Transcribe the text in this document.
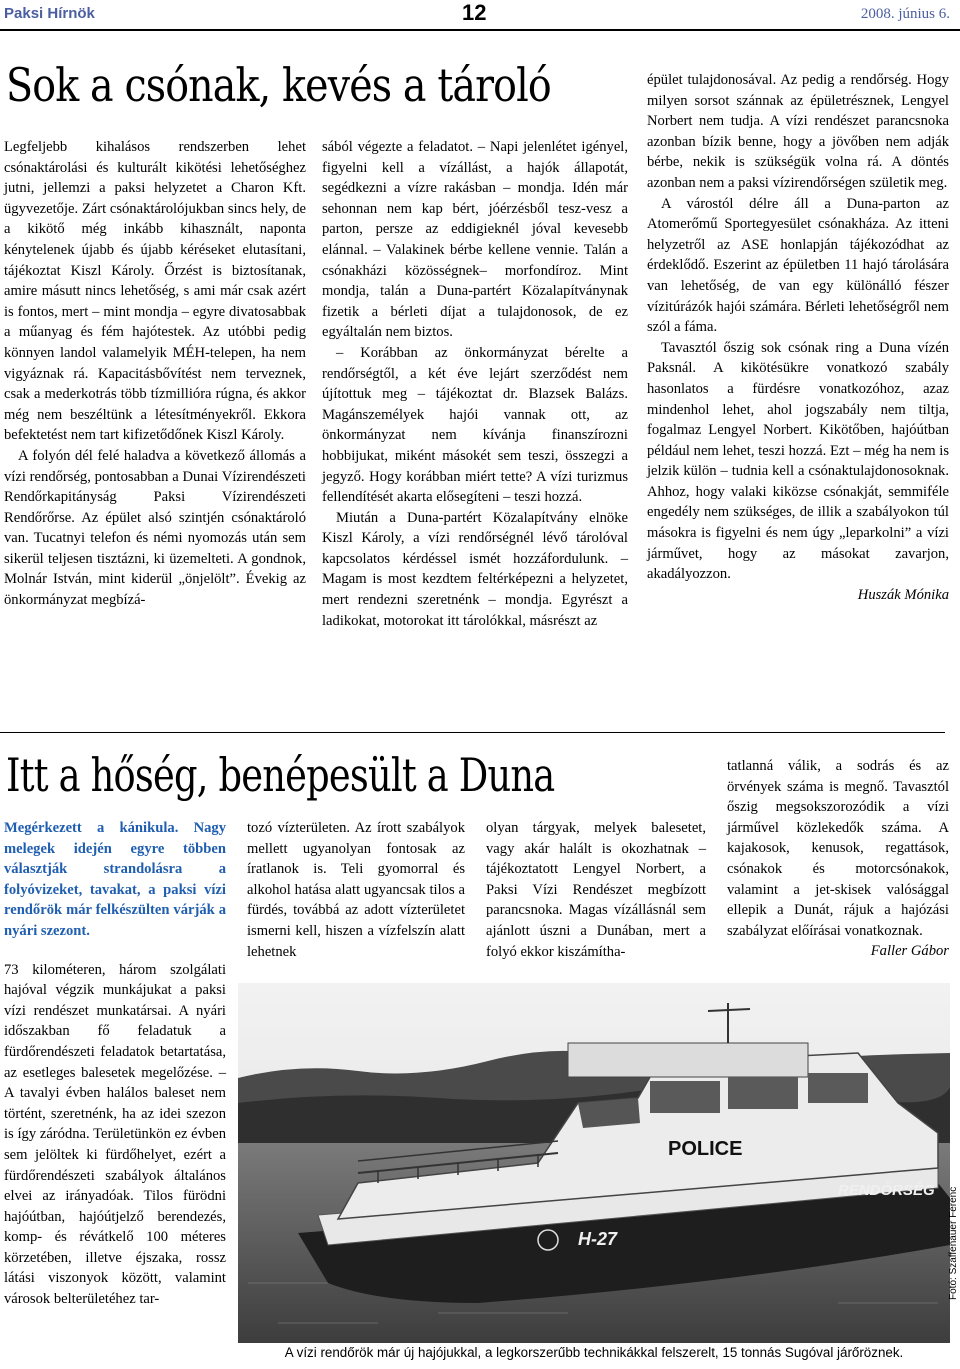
Paksi Hírnök	12	2008. június 6.
Sok a csónak, kevés a tároló

Legfeljebb kihalásos rendszerben lehet csónaktárolási és kulturált kikötési lehetőséghez jutni, jellemzi a paksi helyzetet a Charon Kft. ügyvezetője. Zárt csónaktárolójukban sincs hely, de a kikötő még inkább kihasznált, naponta kénytelenek újabb és újabb kéréseket elutasítani, tájékoztat Kiszl Károly. Őrzést is biztosítanak, amire másutt nincs lehetőség, s ami már csak azért is fontos, mert – mint mondja – egyre divatosabbak a műanyag és fém hajótestek. Az utóbbi pedig könnyen landol valamelyik MÉH-telepen, ha nem vigyáznak rá. Kapacitásbővítést nem terveznek, csak a mederkotrás több tízmillióra rúgna, és akkor még nem beszéltünk a létesítményekről. Ekkora befektetést nem tart kifizetődőnek Kiszl Károly.

A folyón dél felé haladva a következő állomás a vízi rendőrség, pontosabban a Dunai Vízirendészeti Rendőrkapitányság Paksi Vízirendészeti Rendőrőrse. Az épület alsó szintjén csónaktároló van. Tucatnyi telefon és némi nyomozás után sem sikerül teljesen tisztázni, ki üzemelteti. A gondnok, Molnár István, mint kiderül „önjelölt”. Évekig az önkormányzat megbízá-

sából végezte a feladatot. – Napi jelenlétet igényel, figyelni kell a vízállást, a hajók állapotát, segédkezni a vízre rakásban – mondja. Idén már sehonnan nem kap bért, jóérzésből tesz-vesz a parton, persze az eddigieknél jóval kevesebb elánnal. – Valakinek bérbe kellene vennie. Talán a csónakházi közösségnek– morfondíroz. Mint mondja, talán a Duna-partért Közalapítványnak fizetik a bérleti díjat a tulajdonosok, de ez egyáltalán nem biztos.

– Korábban az önkormányzat bérelte a rendőrségtől, a két éve lejárt szerződést nem újítottuk meg – tájékoztat dr. Blazsek Balázs. Magánszemélyek hajói vannak ott, az önkormányzat nem kívánja finanszírozni hobbijukat, miként másokét sem teszi, összegzi a jegyző. Hogy korábban miért tette? A vízi turizmus fellendítését akarta elősegíteni – teszi hozzá.

Miután a Duna-partért Közalapítvány elnöke Kiszl Károly, a vízi rendőrségnél lévő tárolóval kapcsolatos kérdéssel ismét hozzáfordulunk. – Magam is most kezdtem feltérképezni a helyzetet, mert rendezni szeretnénk – mondja. Egyrészt a ladikokat, motorokat itt tárolókkal, másrészt az

épület tulajdonosával. Az pedig a rendőrség. Hogy milyen sorsot szánnak az épületrésznek, Lengyel Norbert nem tudja. A vízi rendészet parancsnoka azonban bízik benne, hogy a jövőben nem adják bérbe, nekik is szükségük volna rá. A döntés azonban nem a paksi vízirendőrségen születik meg.

A várostól délre áll a Duna-parton az Atomerőmű Sportegyesület csónakháza. Az itteni helyzetről az ASE honlapján tájékozódhat az érdeklődő. Eszerint az épületben 11 hajó tárolására van lehetőség, de van egy különálló fészer vízitúrázók hajói számára. Bérleti lehetőségről nem szól a fáma.

Tavasztól őszig sok csónak ring a Duna vízén Paksnál. A kikötésükre vonatkozó szabály hasonlatos a fürdésre vonatkozóhoz, azaz mindenhol lehet, ahol jogszabály nem tiltja, fogalmaz Lengyel Norbert. Kikötőben, hajóútban például nem lehet, teszi hozzá. Ezt – még ha nem is jelzik külön – tudnia kell a csónaktulajdonosoknak. Ahhoz, hogy valaki kiközse csónakját, semmiféle engedély nem szükséges, de illik a szabályokon túl másokra is figyelni és nem úgy „leparkolni” a vízi járművet, hogy az másokat zavarjon, akadályozzon.

Huszák Mónika
Itt a hőség, benépesült a Duna
Megérkezett a kánikula. Nagy melegek idején egyre többen választják strandolásra a folyóvizeket, tavakat, a paksi vízi rendőrök már felkészülten várják a nyári szezont.

73 kilométeren, három szolgálati hajóval végzik munkájukat a paksi vízi rendészet munkatársai. A nyári időszakban fő feladatuk a fürdőrendészeti feladatok betartatása, az esetleges balesetek megelőzése. – A tavalyi évben halálos baleset nem történt, szeretnénk, ha az idei szezon is így záródna. Területünkön ez évben sem jelöltek ki fürdőhelyet, ezért a fürdőrendészeti szabályok általános elvei az irányadóak. Tilos fürödni hajóútban, hajóútjelző berendezés, komp- és révátkelő 100 méteres körzetében, illetve éjszaka, rossz látási viszonyok között, valamint városok belterületéhez tar-

tozó vízterületen. Az írott szabályok mellett ugyanolyan fontosak az íratlanok is. Teli gyomorral és alkohol hatása alatt ugyancsak tilos a fürdés, továbbá az adott vízterületet ismerni kell, hiszen a vízfelszín alatt lehetnek

olyan tárgyak, melyek balesetet, vagy akár halált is okozhatnak – tájékoztatott Lengyel Norbert, a Paksi Vízi Rendészet megbízott parancsnoka. Magas vízállásnál sem ajánlott úszni a Dunában, mert a folyó ekkor kiszámítha-

tatlanná válik, a sodrás és az örvények száma is megnő. Tavasztól őszig megsokszorozódik a vízi járművel közlekedők száma. A kajakosok, kenusok, regattások, csónakok és motorcsónakok, valamint a jet-skisek valósággal ellepik a Dunát, rájuk a hajózási szabályzat előírásai vonatkoznak.

Faller Gábor
POLICE
H-27
RENDŐRSÉG Fotó: Szaffenauer Ferenc
A vízi rendőrök már új hajójukkal, a legkorszerűbb technikákkal felszerelt, 15 tonnás Sugóval járőröznek.
